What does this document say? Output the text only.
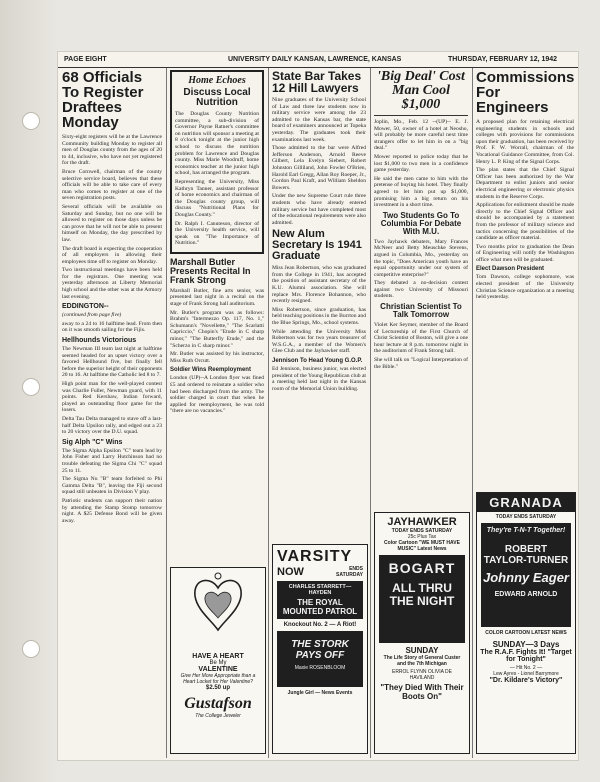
PAGE EIGHT	UNIVERSITY DAILY KANSAN, LAWRENCE, KANSAS	THURSDAY, FEBRUARY 12, 1942
68 Officials To Register Draftees Monday

Sixty-eight registers will be at the Lawrence Community building Monday to register all men of Douglas county from the ages of 20 to 44, inclusive, who have not yet registered for the draft.

Bruce Cornwell, chairman of the county selective service board, believes that these officials will be able to take care of every man who comes to register at one of the seven registration posts.

Several officials will be available on Saturday and Sunday, but no one will be allowed to register on those days unless he can prove that he will not be able to present himself on Monday, the day prescribed by law.

The draft board is expecting the cooperation of all employers in allowing their employees time off to register on Monday.

Two instructional meetings have been held for the registrars. One meeting was yesterday afternoon at Liberty Memorial high school and the other was at the Armory last evening.

EDDINGTON--

(continued from page five)

away to a 24 to 16 halftime lead. From then on it was smooth sailing for the Fijis.

Hellhounds Victorious

The Newman III team last night at halftime seemed headed for an upset victory over a favored Hellhound five, but finally fell before the superior height of their opponents 20 to 16. At halftime the Catholic led 8 to 7.

High point man for the well-played contest was Charlie Fuller, Newman guard, with 11 points. Red Kershaw, Indian forward, played an outstanding floor game for the losers.

Delta Tau Delta managed to stave off a last-half Delta Upsilon rally, and edged out a 23 to 20 victory over the D.U. squad.

Sig Alph "C" Wins

The Sigma Alpha Epsilon "C" team lead by John Fisher and Larry Hutchinson had no trouble defeating the Sigma Chi "C" squad 25 to 11.

The Sigma Nu "B" team forfeited to Phi Gamma Delta "B", leaving the Fiji second squad still unbeaten in Division V play.

Patriotic students can support their nation by attending the Stamp Stomp tomorrow night. A $25 Defense Bond will be given away.

Home Echoes
Discuss Local Nutrition

The Douglas County Nutrition committee, a sub-division of Governor Payne Ratner's committee on nutrition will sponsor a meeting at 8 o'clock tonight at the junior high school to discuss the nutrition problem for Lawrence and Douglas county. Miss Marie Woodruff, home economics teacher at the junior high school, has arranged the program.

Representing the University, Miss Kathryn Tanner, assistant professor of home economics and chairman of the Douglas county group, will discuss "Nutritional Plans for Douglas County."

Dr. Ralph I. Canuteson, director of the University health service, will speak on "The Importance of Nutrition."

Marshall Butler Presents Recital In Frank Strong

Marshall Butler, fine arts senior, was presented last night in a recital on the stage of Frank Strong hall auditorium.

Mr. Butler's program was as follows: Brahm's "Intermezzo Op. 117, No. 1," Schumann's "Novellette," "The Scarlatti Capriccio," Chopin's "Etude in C sharp minor," "The Butterfly Etude," and the "Scherzo in C sharp minor."

Mr. Butler was assisted by his instructor, Miss Ruth Orcutt.

Soldier Wins Reemployment

London (UP)--A London flyer was fined £5 and ordered to reinstate a soldier who had been discharged from the army. The soldier charged in court that when he applied for reemployment, he was told "there are no vacancies."

HAVE A HEART
Be My
VALENTINE
Give Her More Appropriate than a Heart Locket for Her Valentine?
$2.50 up
Gustafson
The College Jeweler
State Bar Takes 12 Hill Lawyers

Nine graduates of the University School of Law and three law students now in military service were among the 23 admitted to the Kansas bar, the state board of examiners announced at Topeka yesterday. The graduates took their examinations last week.

Those admitted to the bar were Alfred Jefferson Anderson, Arnold Reeve Gilbert, Lela Evelyn Siebert, Robert Johnston Gilliland, John Fowler O'Brien, Harold Earl Gregg, Allan Roy Roeper, Jr., Gordon Paul Kraft, and William Sheldon Bowers.

Under the new Supreme Court rule three students who have already entered military service but have completed most of the educational requirements were also admitted.

New Alum Secretary Is 1941 Graduate

Miss Jean Robertson, who was graduated from the College in 1941, has accepted the position of assistant secretary of the K.U. Alumni association. She will replace Mrs. Florence Bohannon, who recently resigned.

Miss Robertson, since graduation, has held teaching positions in the Burrton and the Blue Springs, Mo., school systems.

While attending the University Miss Robertson was for two years treasurer of W.S.G.A., a member of the Women's Glee Club and the Jayhawker staff.

Jennison To Head Young G.O.P.

Ed Jennison, business junior, was elected president of the Young Republican club at a meeting held last night in the Kansas room of the Memorial Union building.

VARSITY
NOW	ENDS SATURDAY
CHARLES STARRETT—HAYDEN
THE ROYAL MOUNTED PATROL
Knockout No. 2 — A Riot!
THE STORK PAYS OFF
Maxie ROSENBLOOM
Jungle Girl — News Events
'Big Deal' Cost Man Cool $1,000

Joplin, Mo., Feb. 12 --(UP)-- E. J. Mower, 50, owner of a hotel at Neosho, will probably be more careful next time strangers offer to let him in on a "big deal."

Mower reported to police today that he lost $1,000 to two men in a confidence game yesterday.

He said the men came to him with the pretense of buying his hotel. They finally agreed to let him put up $1,000, promising him a big return on his investment in a short time.

Two Students Go To Columbia For Debate With M.U.

Two Jayhawk debaters, Mary Frances McNeer and Betty Meuschke Stevens, argued in Columbia, Mo., yesterday on the topic, "Does American youth have an equal opportunity under our system of competitive enterprise?"

They debated a no-decision contest against two University of Missouri students.

Christian Scientist To Talk Tomorrow

Violet Ker Seymer, member of the Board of Lectureship of the First Church of Christ Scientist of Boston, will give a one hour lecture at 8 p.m. tomorrow night in the auditorium of Frank Strong hall.

She will talk on "Logical Interpretation of the Bible."

JAYHAWKER
TODAY ENDS SATURDAY
25c Plus Tax
Color Cartoon "WE MUST HAVE MUSIC" Latest News
BOGART
ALL THRU THE NIGHT
SUNDAY
The Life Story of General Custer and the 7th Michigan
ERROL FLYNN OLIVIA DE HAVILAND
"They Died With Their Boots On"
Commissions For Engineers

A proposed plan for retaining electrical engineering students in schools and colleges with provisions for commissions upon their graduation, has been received by Prof. F. W. Worrall, chairman of the Vocational Guidance Committee, from Col. Henry L. P. King of the Signal Corps.

The plan states that the Chief Signal Officer has been authorized by the War Department to enlist juniors and senior electrical engineering or electronic physics students in the Reserve Corps.

Applications for enlistment should be made directly to the Chief Signal Officer and should be accompanied by a statement from the professor of military science and tactics concerning the possibilities of the candidate as officer material.

Two months prior to graduation the Dean of Engineering will notify the Washington office what men will be graduated.

Elect Dawson President

Tom Dawson, college sophomore, was elected president of the University Christian Science organization at a meeting held yesterday.

GRANADA
TODAY ENDS SATURDAY
They're T-N-T Together!
ROBERT TAYLOR-TURNER
Johnny Eager
EDWARD ARNOLD
COLOR CARTOON LATEST NEWS
SUNDAY—3 Days
The R.A.F. Fights It! "Target for Tonight"
— Hit No. 2 —
Lew Ayres - Lionel Barrymore
"Dr. Kildare's Victory"
